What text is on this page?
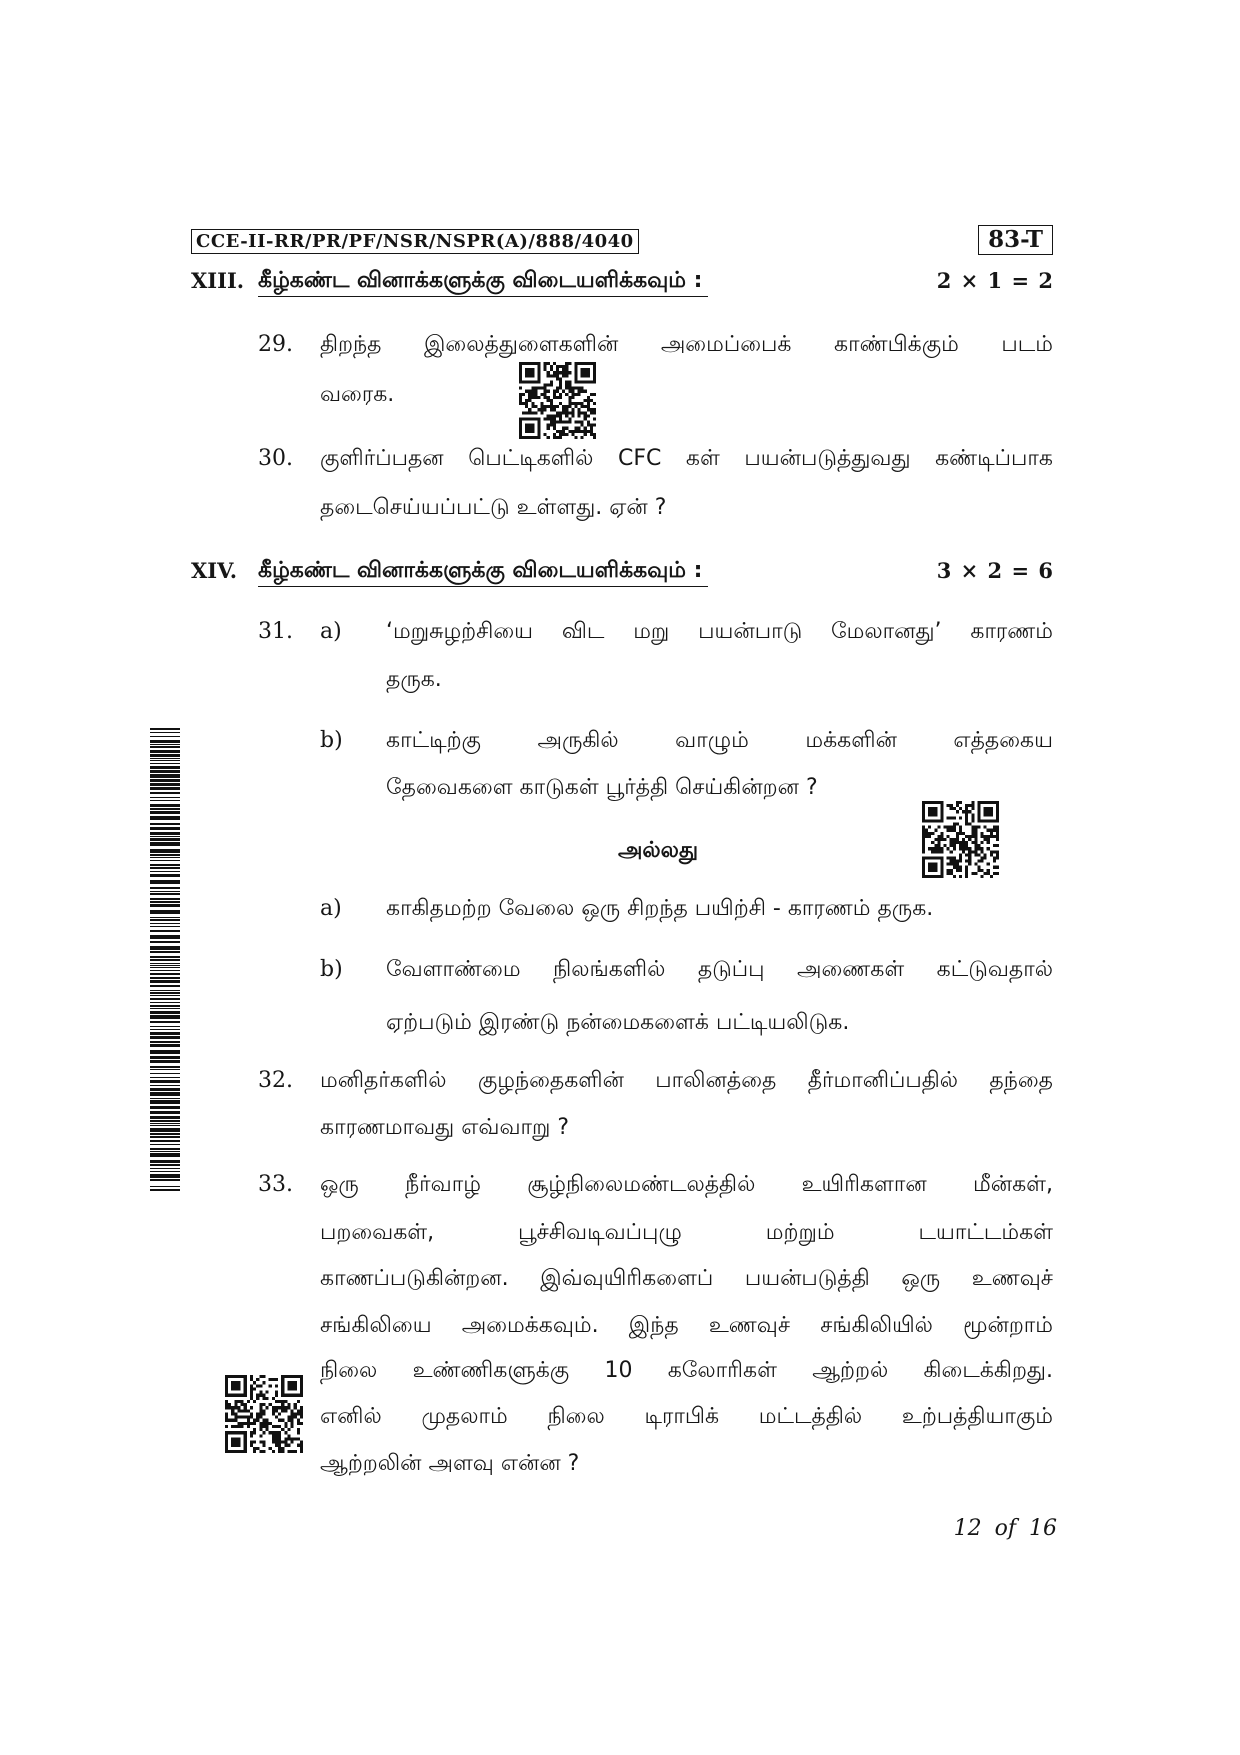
CCE-II-RR/PR/PF/NSR/NSPR(A)/888/4040	83-T
XIII. கீழ்கண்ட வினாக்களுக்கு விடையளிக்கவும் :	2 × 1 = 2
29. திறந்த இலைத்துளைகளின் அமைப்பைக் காண்பிக்கும் படம்
வரைக.
30. குளிர்ப்பதன பெட்டிகளில் CFC கள் பயன்படுத்துவது கண்டிப்பாக
தடைசெய்யப்பட்டு உள்ளது. ஏன் ?
XIV. கீழ்கண்ட வினாக்களுக்கு விடையளிக்கவும் :	3 × 2 = 6
31. a) ‘மறுசுழற்சியை விட மறு பயன்பாடு மேலானது’ காரணம்
தருக.
b) காட்டிற்கு அருகில் வாழும் மக்களின் எத்தகைய
தேவைகளை காடுகள் பூர்த்தி செய்கின்றன ?
அல்லது
a) காகிதமற்ற வேலை ஒரு சிறந்த பயிற்சி - காரணம் தருக.
b) வேளாண்மை நிலங்களில் தடுப்பு அணைகள் கட்டுவதால்
ஏற்படும் இரண்டு நன்மைகளைக் பட்டியலிடுக.
32. மனிதர்களில் குழந்தைகளின் பாலினத்தை தீர்மானிப்பதில் தந்தை
காரணமாவது எவ்வாறு ?
33. ஒரு நீர்வாழ் சூழ்நிலைமண்டலத்தில் உயிரிகளான மீன்கள்,
பறவைகள், பூச்சிவடிவப்புழு மற்றும் டயாட்டம்கள்
காணப்படுகின்றன. இவ்வுயிரிகளைப் பயன்படுத்தி ஒரு உணவுச்
சங்கிலியை அமைக்கவும். இந்த உணவுச் சங்கிலியில் மூன்றாம்
நிலை உண்ணிகளுக்கு 10 கலோரிகள் ஆற்றல் கிடைக்கிறது.
எனில் முதலாம் நிலை டிராபிக் மட்டத்தில் உற்பத்தியாகும்
ஆற்றலின் அளவு என்ன ?
12 of 16
